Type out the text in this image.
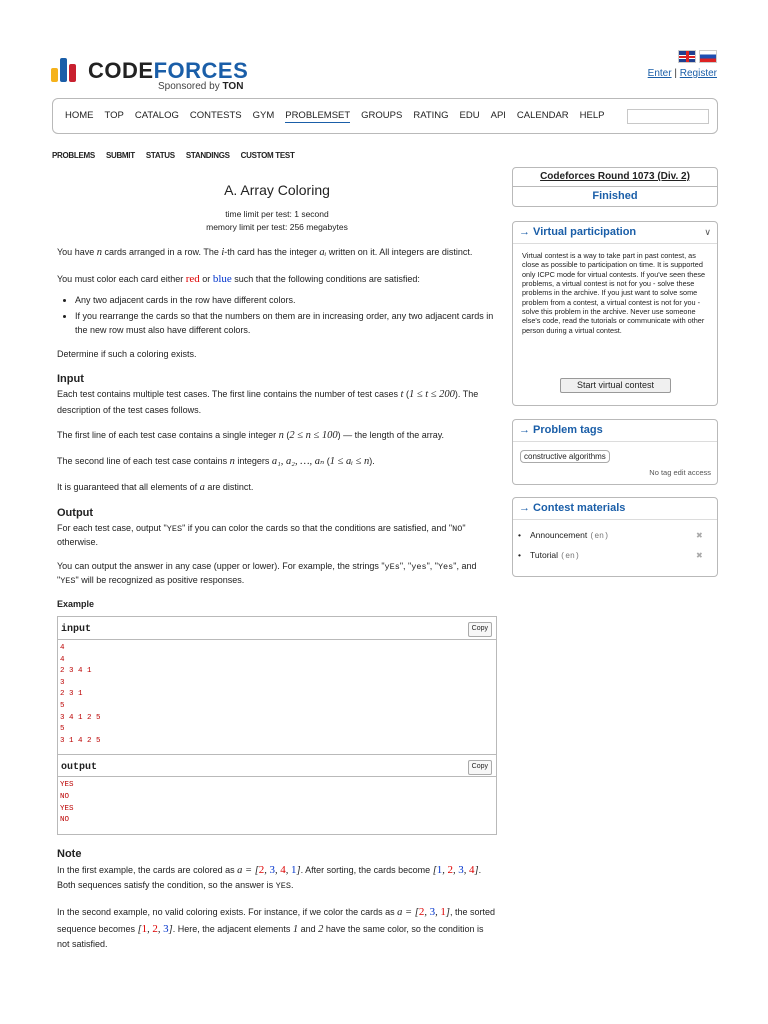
CODEFORCES
Sponsored by TON
Enter | Register
HOME TOP CATALOG CONTESTS GYM PROBLEMSET GROUPS RATING EDU API CALENDAR HELP
PROBLEMS SUBMIT STATUS STANDINGS CUSTOM TEST
A. Array Coloring
time limit per test: 1 second
memory limit per test: 256 megabytes

You have n cards arranged in a row. The i-th card has the integer aᵢ written on it. All integers are distinct.

You must color each card either red or blue such that the following conditions are satisfied:

• Any two adjacent cards in the row have different colors.
• If you rearrange the cards so that the numbers on them are in increasing order, any two adjacent cards in the new row must also have different colors.

Determine if such a coloring exists.

Input

Each test contains multiple test cases. The first line contains the number of test cases t (1 ≤ t ≤ 200). The description of the test cases follows.

The first line of each test case contains a single integer n (2 ≤ n ≤ 100) — the length of the array.

The second line of each test case contains n integers a₁, a₂, …, aₙ (1 ≤ aᵢ ≤ n).

It is guaranteed that all elements of a are distinct.

Output

For each test case, output "YES" if you can color the cards so that the conditions are satisfied, and "NO" otherwise.

You can output the answer in any case (upper or lower). For example, the strings "yEs", "yes", "Yes", and "YES" will be recognized as positive responses.

Example
input	Copy
4
4
2 3 4 1
3
2 3 1
5
3 4 1 2 5
5
3 1 4 2 5
output	Copy
YES
NO
YES
NO
Note

In the first example, the cards are colored as a = [2, 3, 4, 1]. After sorting, the cards become [1, 2, 3, 4]. Both sequences satisfy the condition, so the answer is YES.

In the second example, no valid coloring exists. For instance, if we color the cards as a = [2, 3, 1], the sorted sequence becomes [1, 2, 3]. Here, the adjacent elements 1 and 2 have the same color, so the condition is not satisfied.

Codeforces Round 1073 (Div. 2)
Finished
→ Virtual participation	∨
Virtual contest is a way to take part in past contest, as close as possible to participation on time. It is supported only ICPC mode for virtual contests. If you've seen these problems, a virtual contest is not for you - solve these problems in the archive. If you just want to solve some problem from a contest, a virtual contest is not for you - solve this problem in the archive. Never use someone else's code, read the tutorials or communicate with other person during a virtual contest.
Start virtual contest
→ Problem tags
constructive algorithms
No tag edit access
→ Contest materials
• Announcement (en)	✖
• Tutorial (en)	✖
